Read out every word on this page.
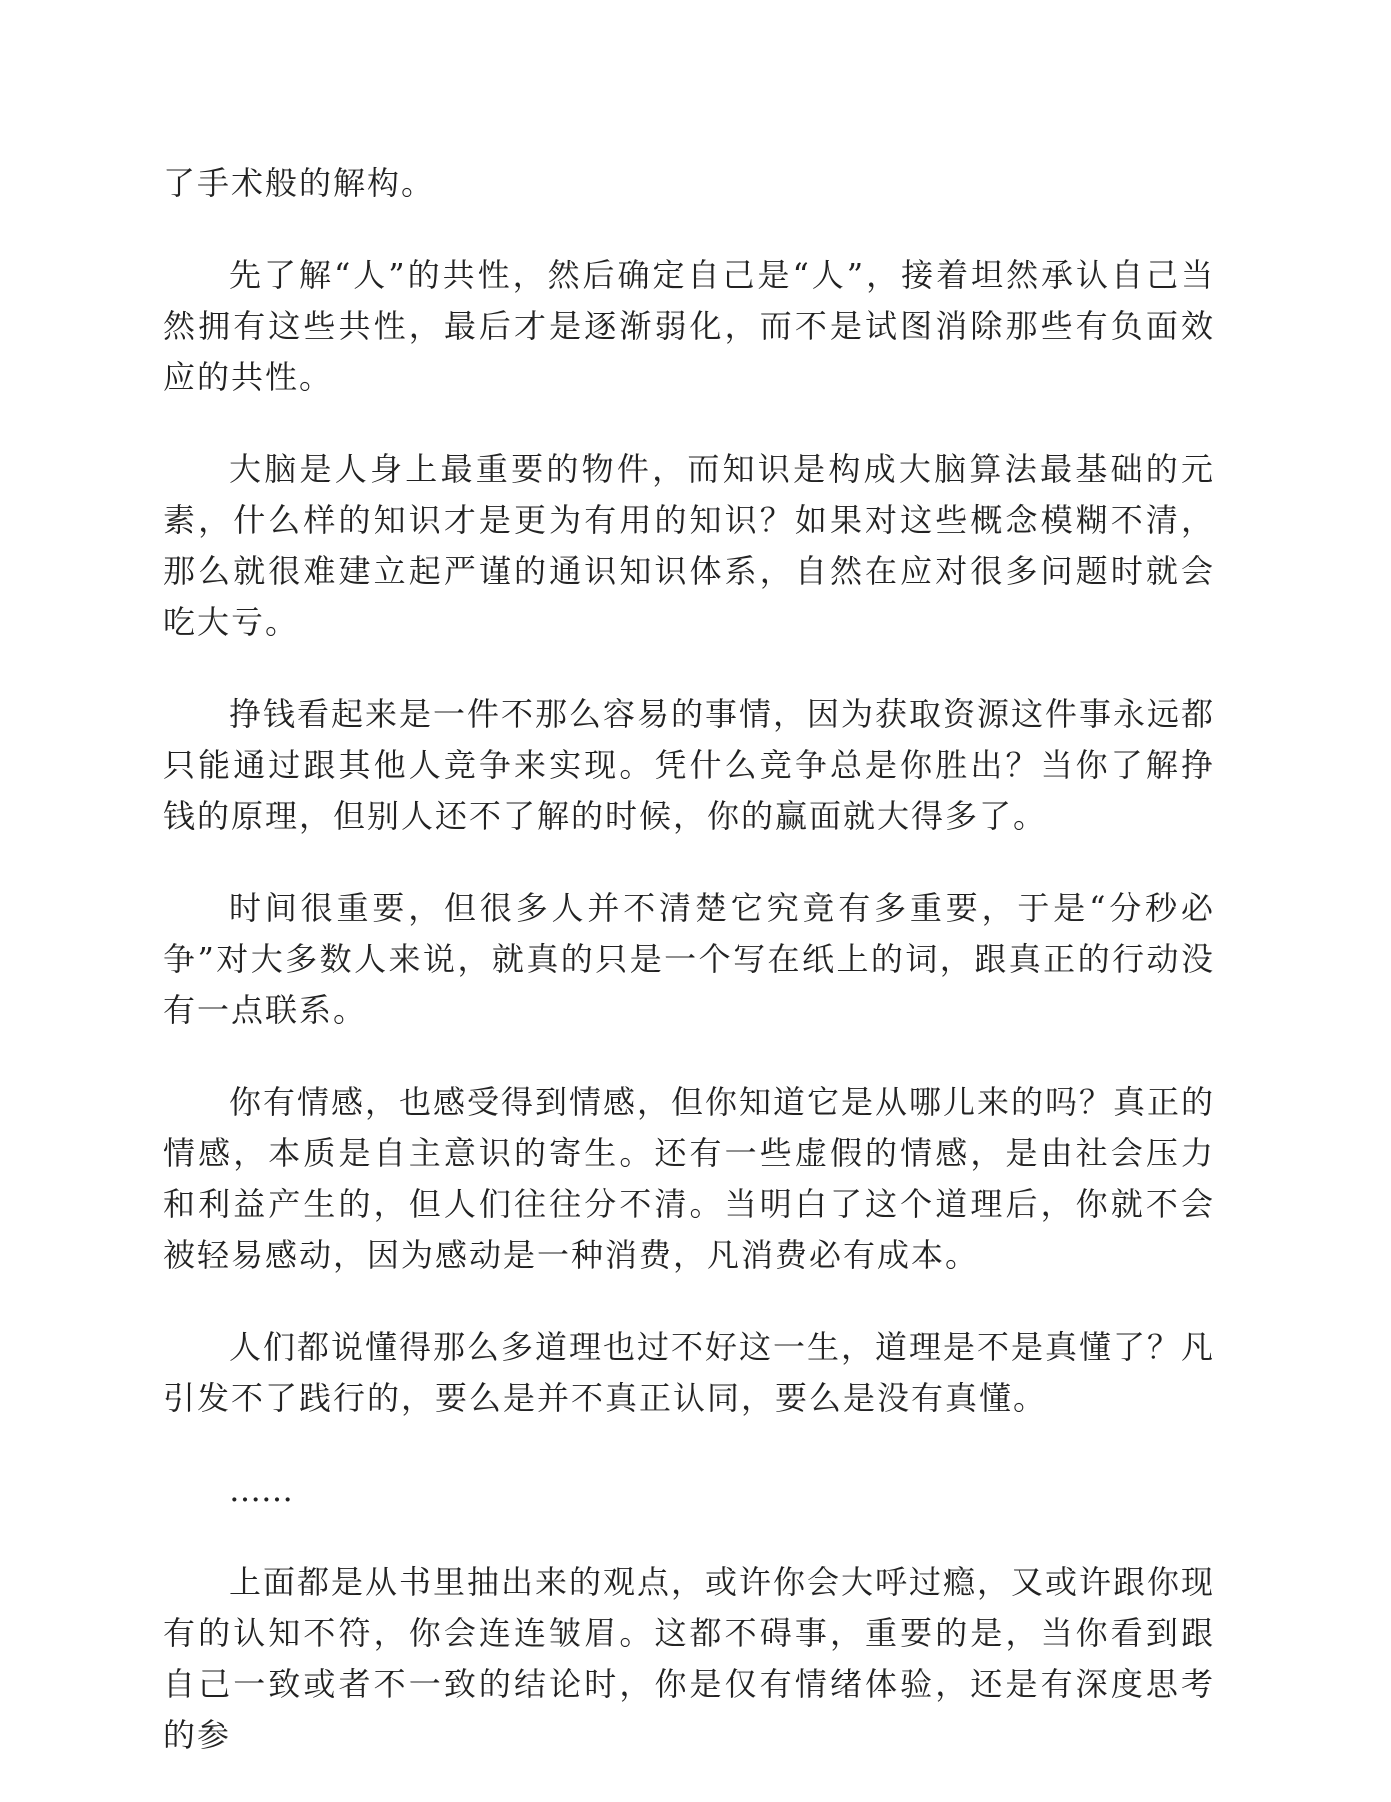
了手术般的解构。

先了解“人”的共性，然后确定自己是“人”，接着坦然承认自己当然拥有这些共性，最后才是逐渐弱化，而不是试图消除那些有负面效应的共性。

大脑是人身上最重要的物件，而知识是构成大脑算法最基础的元素，什么样的知识才是更为有用的知识？如果对这些概念模糊不清，那么就很难建立起严谨的通识知识体系，自然在应对很多问题时就会吃大亏。

挣钱看起来是一件不那么容易的事情，因为获取资源这件事永远都只能通过跟其他人竞争来实现。凭什么竞争总是你胜出？当你了解挣钱的原理，但别人还不了解的时候，你的赢面就大得多了。

时间很重要，但很多人并不清楚它究竟有多重要，于是“分秒必争”对大多数人来说，就真的只是一个写在纸上的词，跟真正的行动没有一点联系。

你有情感，也感受得到情感，但你知道它是从哪儿来的吗？真正的情感，本质是自主意识的寄生。还有一些虚假的情感，是由社会压力和利益产生的，但人们往往分不清。当明白了这个道理后，你就不会被轻易感动，因为感动是一种消费，凡消费必有成本。

人们都说懂得那么多道理也过不好这一生，道理是不是真懂了？凡引发不了践行的，要么是并不真正认同，要么是没有真懂。

……

上面都是从书里抽出来的观点，或许你会大呼过瘾，又或许跟你现有的认知不符，你会连连皱眉。这都不碍事，重要的是，当你看到跟自己一致或者不一致的结论时，你是仅有情绪体验，还是有深度思考的参
